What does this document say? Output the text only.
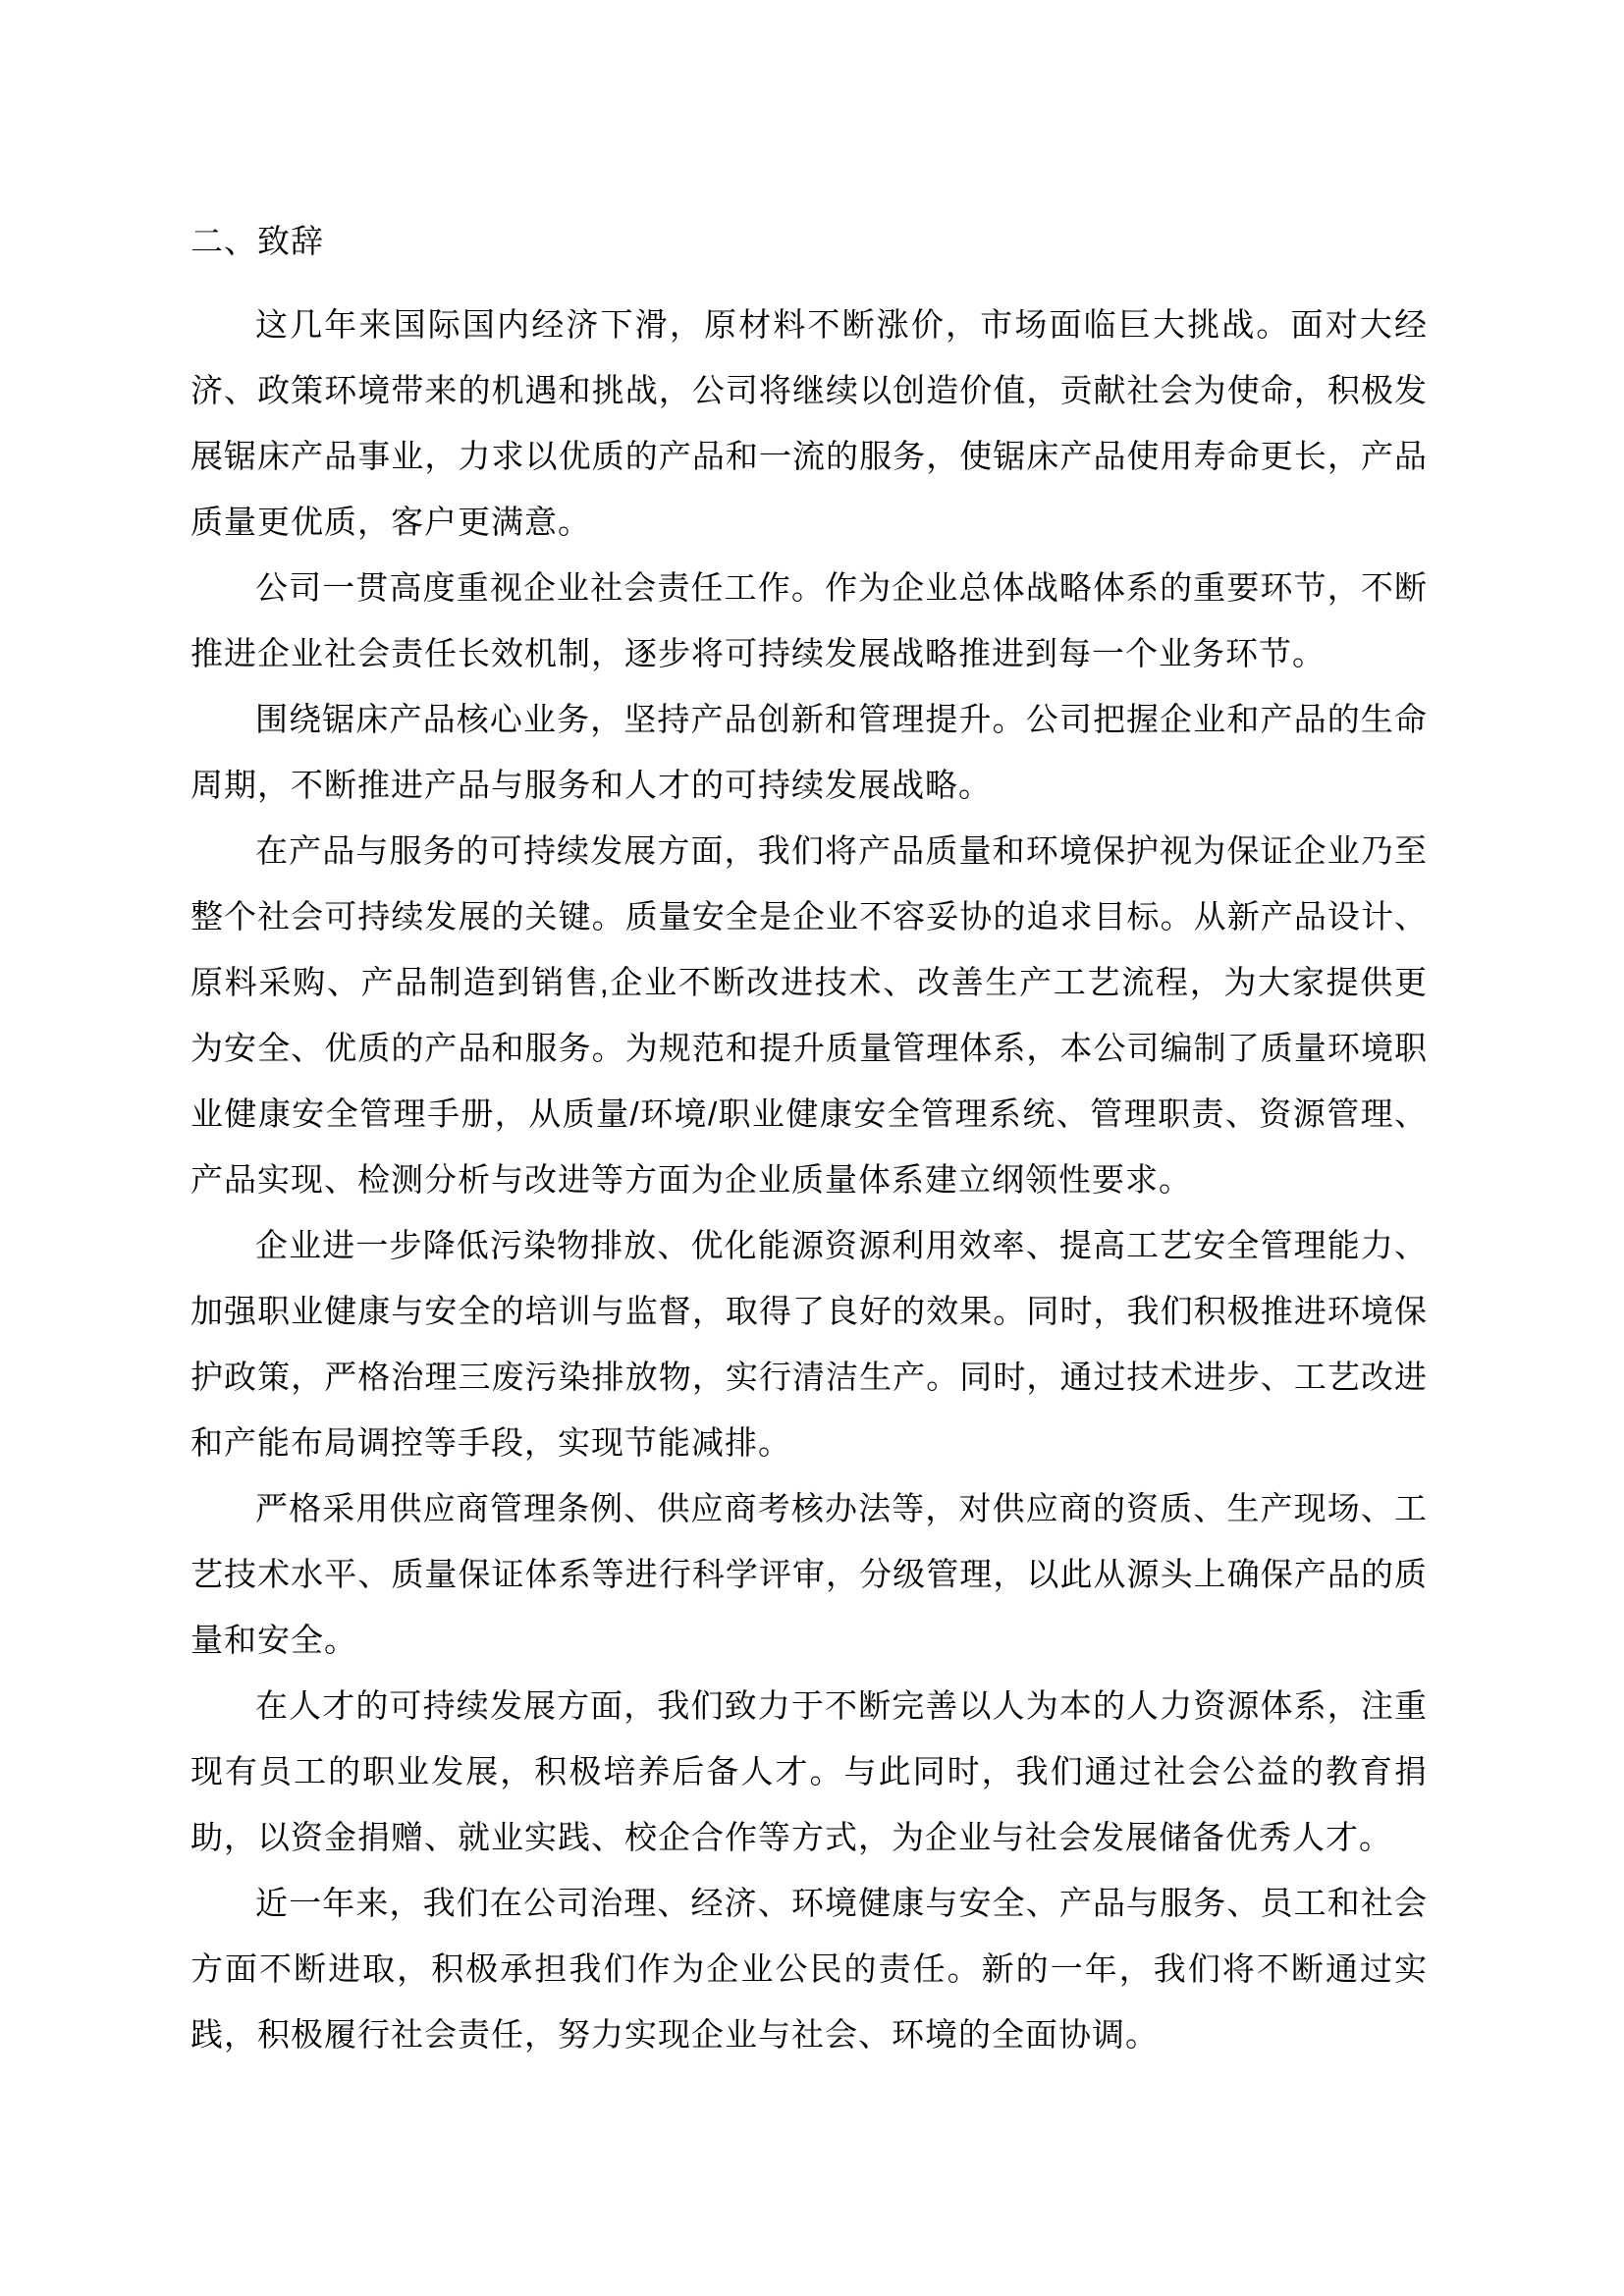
二、致辞

这几年来国际国内经济下滑，原材料不断涨价，市场面临巨大挑战。面对大经济、政策环境带来的机遇和挑战，公司将继续以创造价值，贡献社会为使命，积极发展锯床产品事业，力求以优质的产品和一流的服务，使锯床产品使用寿命更长，产品质量更优质，客户更满意。

公司一贯高度重视企业社会责任工作。作为企业总体战略体系的重要环节，不断推进企业社会责任长效机制，逐步将可持续发展战略推进到每一个业务环节。

围绕锯床产品核心业务，坚持产品创新和管理提升。公司把握企业和产品的生命周期，不断推进产品与服务和人才的可持续发展战略。

在产品与服务的可持续发展方面，我们将产品质量和环境保护视为保证企业乃至整个社会可持续发展的关键。质量安全是企业不容妥协的追求目标。从新产品设计、原料采购、产品制造到销售,企业不断改进技术、改善生产工艺流程，为大家提供更为安全、优质的产品和服务。为规范和提升质量管理体系，本公司编制了质量环境职业健康安全管理手册，从质量/环境/职业健康安全管理系统、管理职责、资源管理、产品实现、检测分析与改进等方面为企业质量体系建立纲领性要求。

企业进一步降低污染物排放、优化能源资源利用效率、提高工艺安全管理能力、加强职业健康与安全的培训与监督，取得了良好的效果。同时，我们积极推进环境保护政策，严格治理三废污染排放物，实行清洁生产。同时，通过技术进步、工艺改进和产能布局调控等手段，实现节能减排。

严格采用供应商管理条例、供应商考核办法等，对供应商的资质、生产现场、工艺技术水平、质量保证体系等进行科学评审，分级管理，以此从源头上确保产品的质量和安全。

在人才的可持续发展方面，我们致力于不断完善以人为本的人力资源体系，注重现有员工的职业发展，积极培养后备人才。与此同时，我们通过社会公益的教育捐助，以资金捐赠、就业实践、校企合作等方式，为企业与社会发展储备优秀人才。

近一年来，我们在公司治理、经济、环境健康与安全、产品与服务、员工和社会方面不断进取，积极承担我们作为企业公民的责任。新的一年，我们将不断通过实践，积极履行社会责任，努力实现企业与社会、环境的全面协调。
